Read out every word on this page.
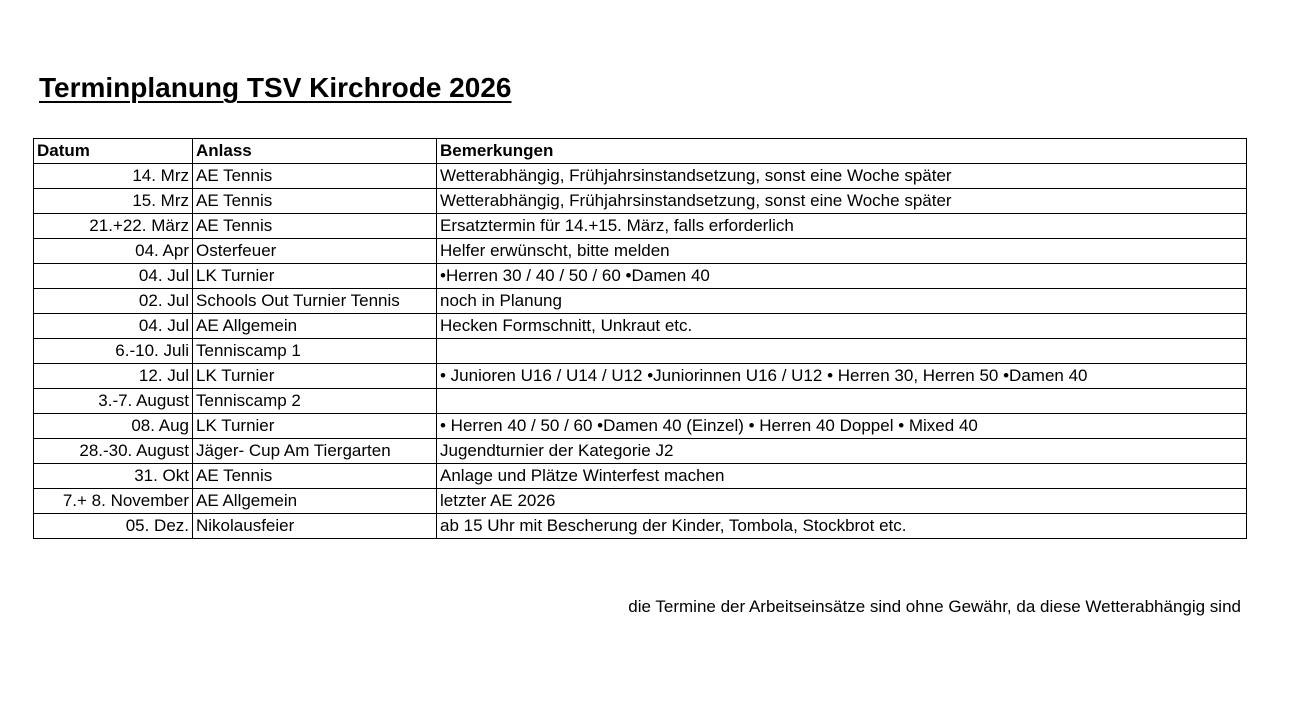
Terminplanung TSV Kirchrode 2026
Datum	Anlass	Bemerkungen
14. Mrz	AE Tennis	Wetterabhängig, Frühjahrsinstandsetzung, sonst eine Woche später
15. Mrz	AE Tennis	Wetterabhängig, Frühjahrsinstandsetzung, sonst eine Woche später
21.+22. März	AE Tennis	Ersatztermin für 14.+15. März, falls erforderlich
04. Apr	Osterfeuer	Helfer erwünscht, bitte melden
04. Jul	LK Turnier	•Herren 30 / 40 / 50 / 60 •Damen 40
02. Jul	Schools Out Turnier Tennis	noch in Planung
04. Jul	AE Allgemein	Hecken Formschnitt, Unkraut etc.
6.-10. Juli	Tenniscamp 1	
12. Jul	LK Turnier	• Junioren U16 / U14 / U12 •Juniorinnen U16 / U12 • Herren 30, Herren 50 •Damen 40
3.-7. August	Tenniscamp 2	
08. Aug	LK Turnier	• Herren 40 / 50 / 60 •Damen 40 (Einzel) • Herren 40 Doppel • Mixed 40
28.-30. August	Jäger- Cup Am Tiergarten	Jugendturnier der Kategorie J2
31. Okt	AE Tennis	Anlage und Plätze Winterfest machen
7.+ 8. November	AE Allgemein	letzter AE 2026
05. Dez.	Nikolausfeier	ab 15 Uhr mit Bescherung der Kinder, Tombola, Stockbrot etc.
die Termine der Arbeitseinsätze sind ohne Gewähr, da diese Wetterabhängig sind
